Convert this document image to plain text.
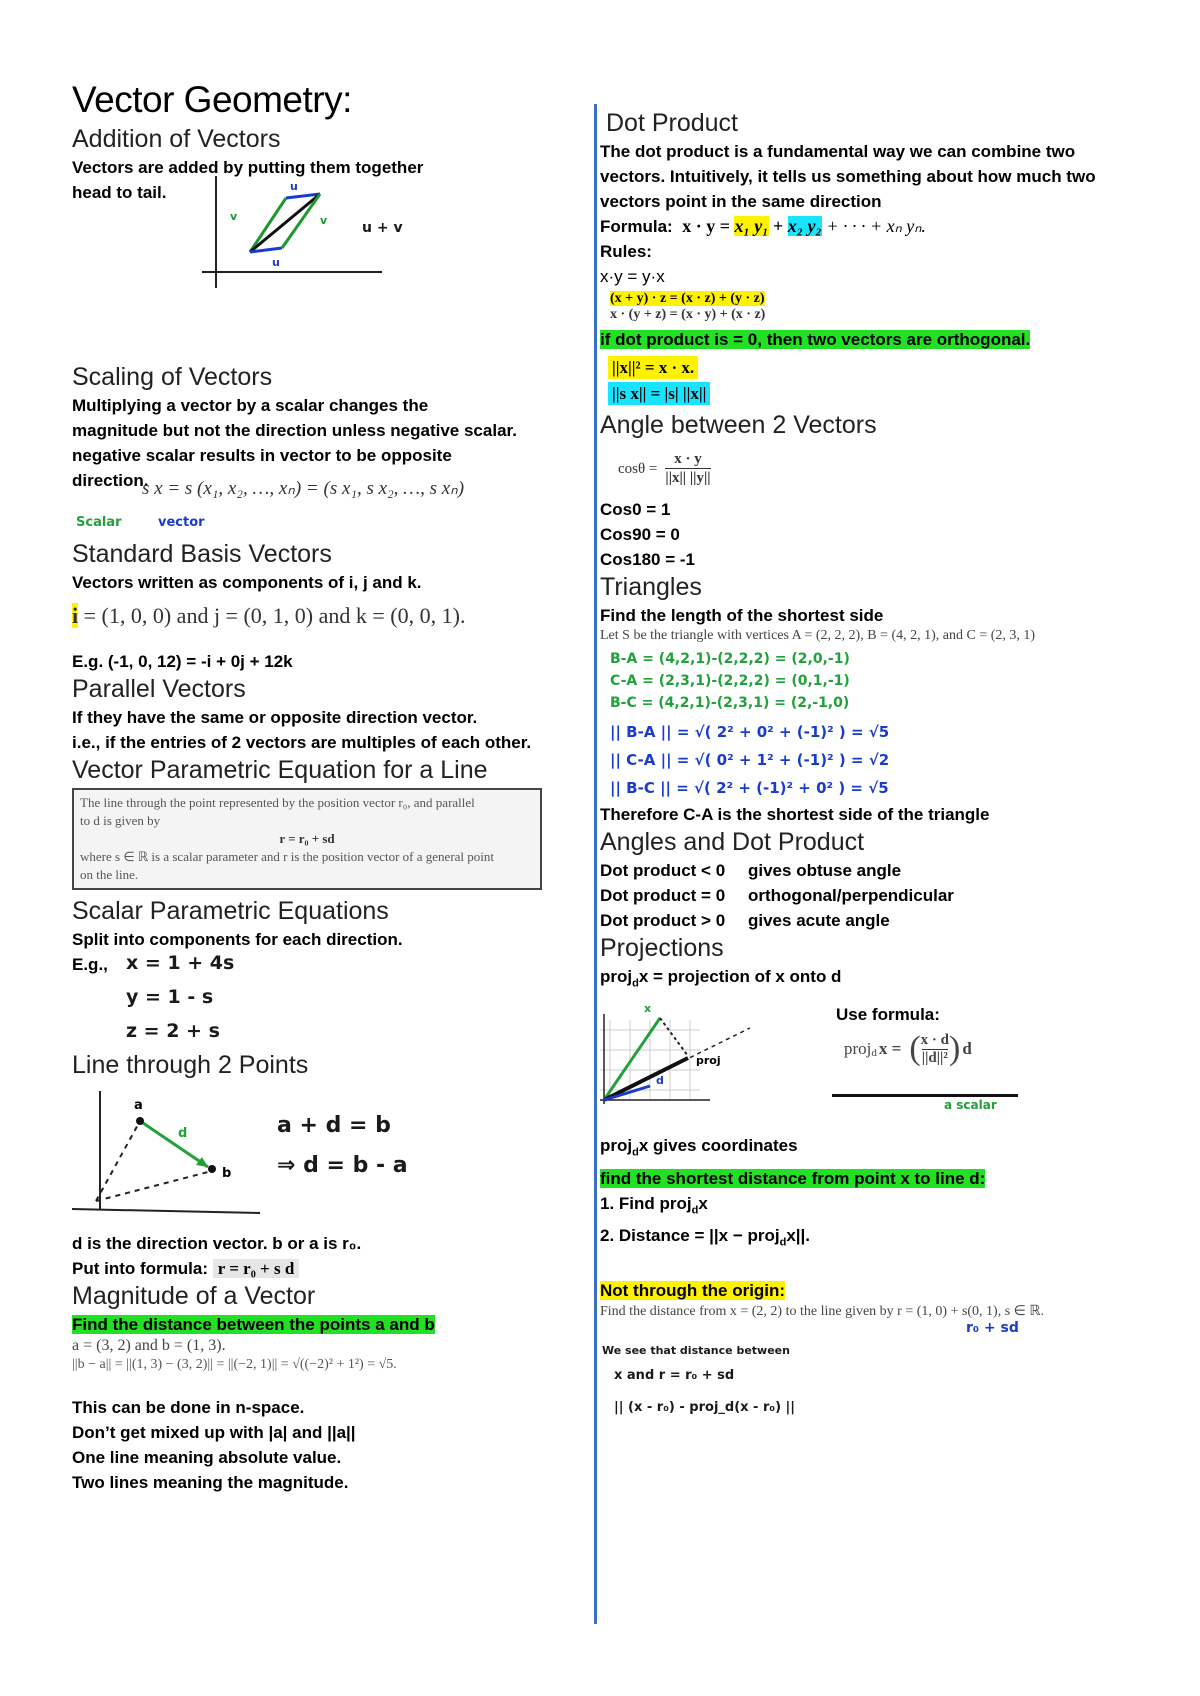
Vector Geometry:
Addition of Vectors
Vectors are added by putting them together
head to tail.
v
u
u
v u + v
Scaling of Vectors
Multiplying a vector by a scalar changes the
magnitude but not the direction unless negative scalar.
negative scalar results in vector to be opposite
direction.
s x = s (x₁, x₂, …, xₙ) = (s x₁, s x₂, …, s xₙ)
Scalar	vector
Standard Basis Vectors
Vectors written as components of i, j and k.
i = (1, 0, 0) and j = (0, 1, 0) and k = (0, 0, 1).
E.g. (-1, 0, 12) = -i + 0j + 12k
Parallel Vectors
If they have the same or opposite direction vector.
i.e., if the entries of 2 vectors are multiples of each other.
Vector Parametric Equation for a Line
The line through the point represented by the position vector r₀, and parallel
to d is given by
r = r₀ + sd
where s ∈ ℝ is a scalar parameter and r is the position vector of a general point
on the line.
Scalar Parametric Equations
Split into components for each direction.
E.g., x = 1 + 4s
y = 1 - s
z = 2 + s
Line through 2 Points
a
d
b
a + d = b
⇒ d = b - a
d is the direction vector. b or a is r₀.
Put into formula: r = r₀ + s d
Magnitude of a Vector
Find the distance between the points a and b
a = (3, 2) and b = (1, 3).
||b − a|| = ||(1, 3) − (3, 2)|| = ||(−2, 1)|| = √((−2)² + 1²) = √5.
This can be done in n-space.
Don’t get mixed up with |a| and ||a||
One line meaning absolute value.
Two lines meaning the magnitude.
Dot Product
The dot product is a fundamental way we can combine two
vectors. Intuitively, it tells us something about how much two
vectors point in the same direction
Formula: x · y = x₁ y₁ + x₂ y₂ + · · · + xₙ yₙ.
Rules:
x·y = y·x
(x + y) · z = (x · z) + (y · z)
x · (y + z) = (x · y) + (x · z)
if dot product is = 0, then two vectors are orthogonal.
||x||² = x · x.
||s x|| = |s| ||x||
Angle between 2 Vectors
$\cos\theta = \frac{x \cdot y}{||x|| ||y||}$
Cos0 = 1
Cos90 = 0
Cos180 = -1
Triangles
Find the length of the shortest side
Let S be the triangle with vertices A = (2, 2, 2), B = (4, 2, 1), and C = (2, 3, 1)
B-A = (4,2,1)-(2,2,2) = (2,0,-1)
C-A = (2,3,1)-(2,2,2) = (0,1,-1)
B-C = (4,2,1)-(2,3,1) = (2,-1,0)
|| B-A || = √( 2² + 0² + (-1)² ) = √5
|| C-A || = √( 0² + 1² + (-1)² ) = √2
|| B-C || = √( 2² + (-1)² + 0² ) = √5
Therefore C-A is the shortest side of the triangle
Angles and Dot Product
Dot product < 0	gives obtuse angle
Dot product = 0	orthogonal/perpendicular
Dot product > 0	gives acute angle
Projections
proj$_d$x = projection of x onto d
x
proj
d
Use formula:
proj$_d$ x = ( $\frac{x \cdot d}{\text{||d||²}}$ ) d
a scalar
proj$_d$x gives coordinates
find the shortest distance from point x to line d:
1. Find proj$_d$x
2. Distance = ||x − proj$_d$x||.
Not through the origin:
Find the distance from x = (2, 2) to the line given by r = (1, 0) + s(0, 1), s ∈ ℝ.
r₀ + sd
We see that distance between
x and r = r₀ + sd
|| (x - r₀) - proj_d(x - r₀) ||
